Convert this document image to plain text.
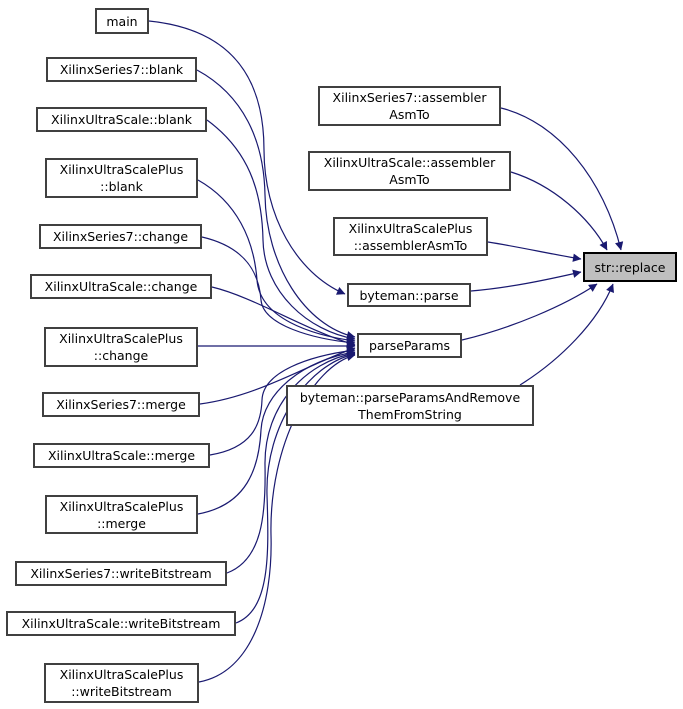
main
XilinxSeries7::blank
XilinxUltraScale::blank
XilinxUltraScalePlus
::blank
XilinxSeries7::change
XilinxUltraScale::change
XilinxUltraScalePlus
::change
XilinxSeries7::merge
XilinxUltraScale::merge
XilinxUltraScalePlus
::merge
XilinxSeries7::writeBitstream
XilinxUltraScale::writeBitstream
XilinxUltraScalePlus
::writeBitstream
XilinxSeries7::assembler
AsmTo
XilinxUltraScale::assembler
AsmTo
XilinxUltraScalePlus
::assemblerAsmTo
byteman::parse
parseParams
byteman::parseParamsAndRemove
ThemFromString
str::replace
